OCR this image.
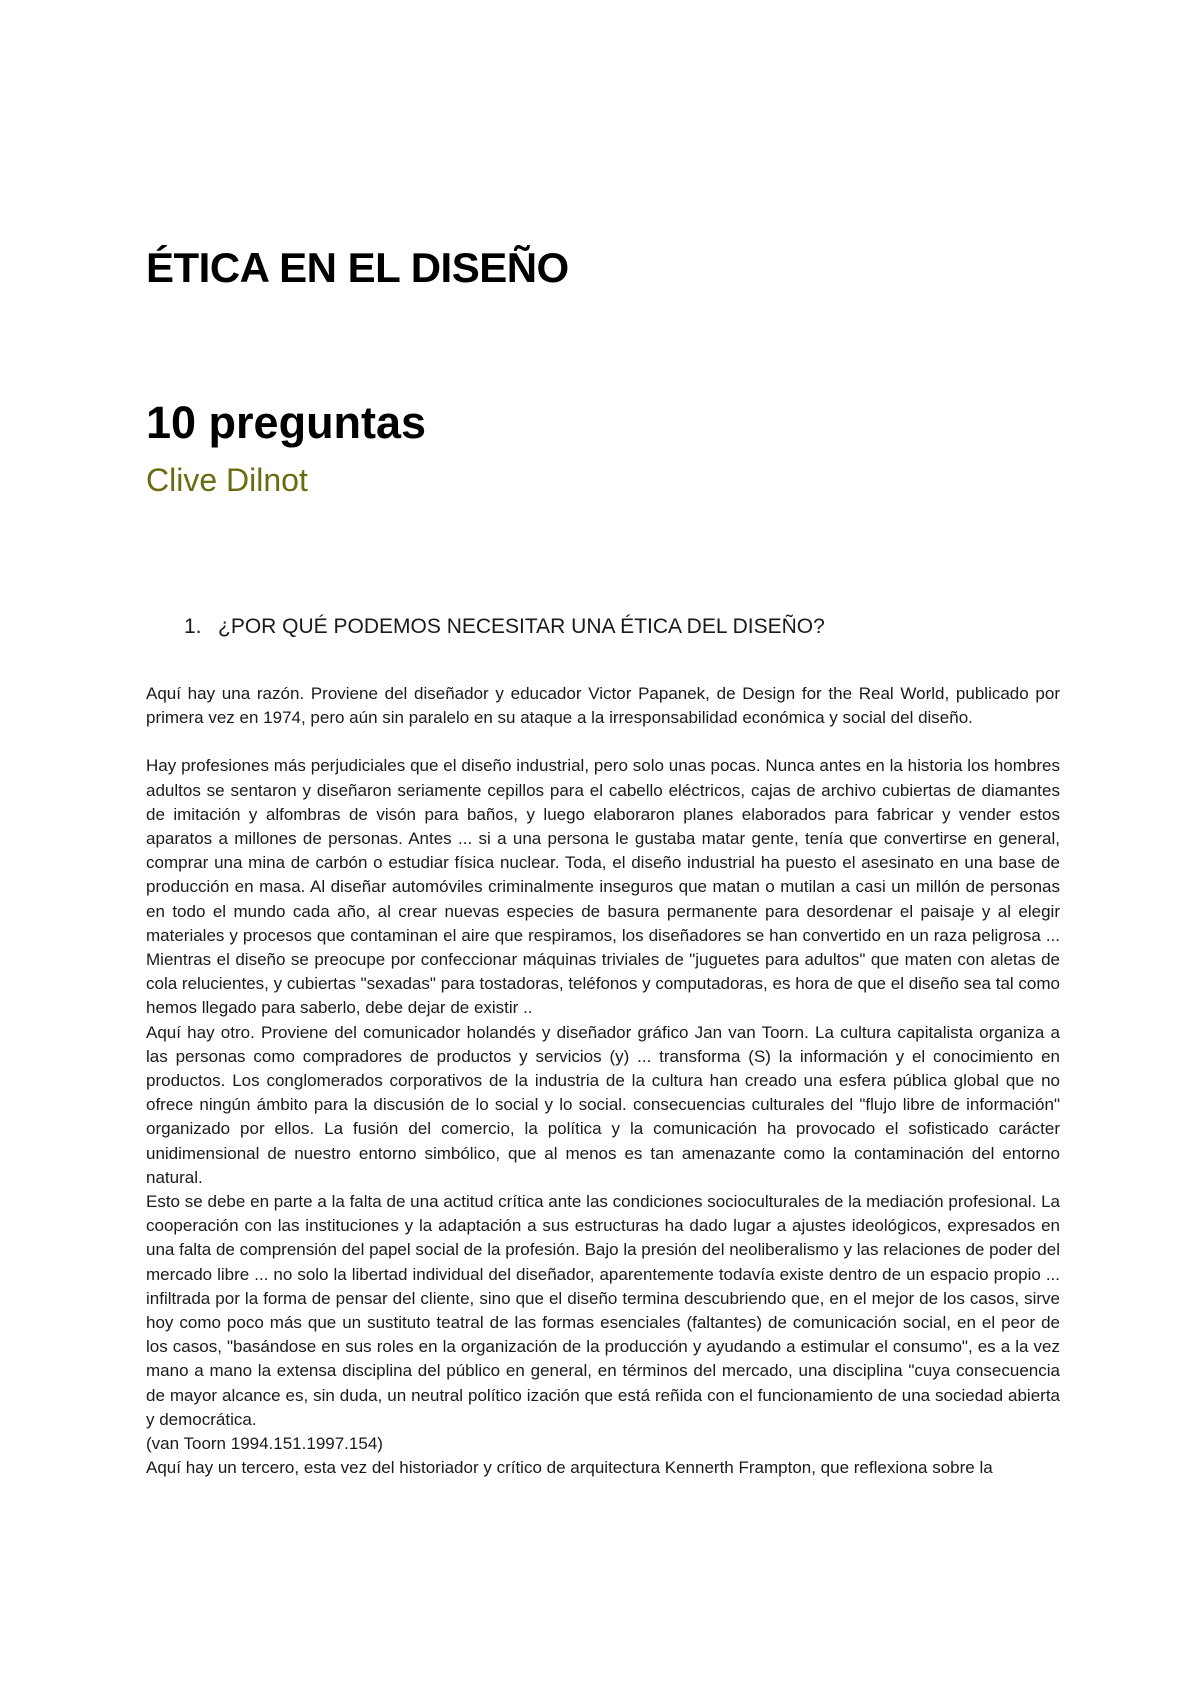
ÉTICA EN EL DISEÑO
10 preguntas
Clive Dilnot
1. ¿POR QUÉ PODEMOS NECESITAR UNA ÉTICA DEL DISEÑO?

Aquí hay una razón. Proviene del diseñador y educador Victor Papanek, de Design for the Real World, publicado por primera vez en 1974, pero aún sin paralelo en su ataque a la irresponsabilidad económica y social del diseño.

Hay profesiones más perjudiciales que el diseño industrial, pero solo unas pocas. Nunca antes en la historia los hombres adultos se sentaron y diseñaron seriamente cepillos para el cabello eléctricos, cajas de archivo cubiertas de diamantes de imitación y alfombras de visón para baños, y luego elaboraron planes elaborados para fabricar y vender estos aparatos a millones de personas. Antes ... si a una persona le gustaba matar gente, tenía que convertirse en general, comprar una mina de carbón o estudiar física nuclear. Toda, el diseño industrial ha puesto el asesinato en una base de producción en masa. Al diseñar automóviles criminalmente inseguros que matan o mutilan a casi un millón de personas en todo el mundo cada año, al crear nuevas especies de basura permanente para desordenar el paisaje y al elegir materiales y procesos que contaminan el aire que respiramos, los diseñadores se han convertido en un raza peligrosa ... Mientras el diseño se preocupe por confeccionar máquinas triviales de "juguetes para adultos" que maten con aletas de cola relucientes, y cubiertas "sexadas" para tostadoras, teléfonos y computadoras, es hora de que el diseño sea tal como hemos llegado para saberlo, debe dejar de existir ..

Aquí hay otro. Proviene del comunicador holandés y diseñador gráfico Jan van Toorn. La cultura capitalista organiza a las personas como compradores de productos y servicios (y) ... transforma (S) la información y el conocimiento en productos. Los conglomerados corporativos de la industria de la cultura han creado una esfera pública global que no ofrece ningún ámbito para la discusión de lo social y lo social. consecuencias culturales del "flujo libre de información" organizado por ellos. La fusión del comercio, la política y la comunicación ha provocado el sofisticado carácter unidimensional de nuestro entorno simbólico, que al menos es tan amenazante como la contaminación del entorno natural.

Esto se debe en parte a la falta de una actitud crítica ante las condiciones socioculturales de la mediación profesional. La cooperación con las instituciones y la adaptación a sus estructuras ha dado lugar a ajustes ideológicos, expresados en una falta de comprensión del papel social de la profesión. Bajo la presión del neoliberalismo y las relaciones de poder del mercado libre ... no solo la libertad individual del diseñador, aparentemente todavía existe dentro de un espacio propio ... infiltrada por la forma de pensar del cliente, sino que el diseño termina descubriendo que, en el mejor de los casos, sirve hoy como poco más que un sustituto teatral de las formas esenciales (faltantes) de comunicación social, en el peor de los casos, "basándose en sus roles en la organización de la producción y ayudando a estimular el consumo", es a la vez mano a mano la extensa disciplina del público en general, en términos del mercado, una disciplina "cuya consecuencia de mayor alcance es, sin duda, un neutral político ización que está reñida con el funcionamiento de una sociedad abierta y democrática.

(van Toorn 1994.151.1997.154)

Aquí hay un tercero, esta vez del historiador y crítico de arquitectura Kennerth Frampton, que reflexiona sobre la
